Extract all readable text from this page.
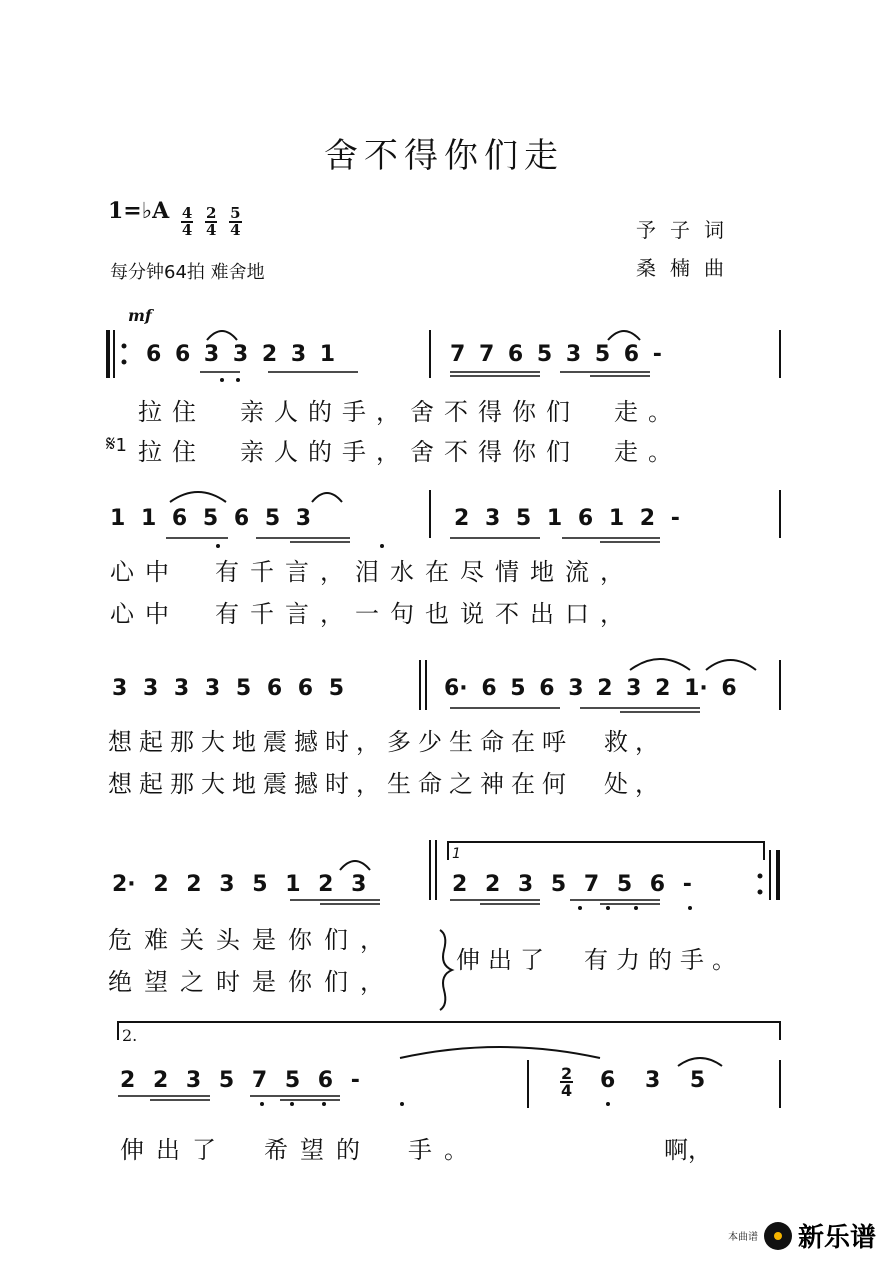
舍不得你们走
1=♭A $\frac{4}{4}$
$\frac{2}{4}$
$\frac{5}{4}$
每分钟64拍 难舍地
予子词
桑楠曲
mf
6 6 3 3 2 3 1	7 7 6 5 3 5 6 -
拉住　亲人的手，舍不得你们　走。
𝄋1 拉住　亲人的手，舍不得你们　走。
1 1 6 5 6 5 3	2 3 5 1 6 1 2 -
心中　有千言，泪水在尽情地流，
心中　有千言，一句也说不出口，
3 3 3 3 5 6 6 5	6· 6 5 6 3 2 3 2 1· 6
想起那大地震撼时，多少生命在呼　救，
想起那大地震撼时，生命之神在何　处，
1
2· 2 2 3 5 1 2 3	2 2 3 5 7 5 6 -
危难关头是你们，
绝望之时是你们，
伸出了　有力的手。
2.
2 2 3 5 7 5 6 -	$\frac{2}{4} 6$ 3 5
伸出了　希望的　手。	啊，
本曲谱 新乐谱
